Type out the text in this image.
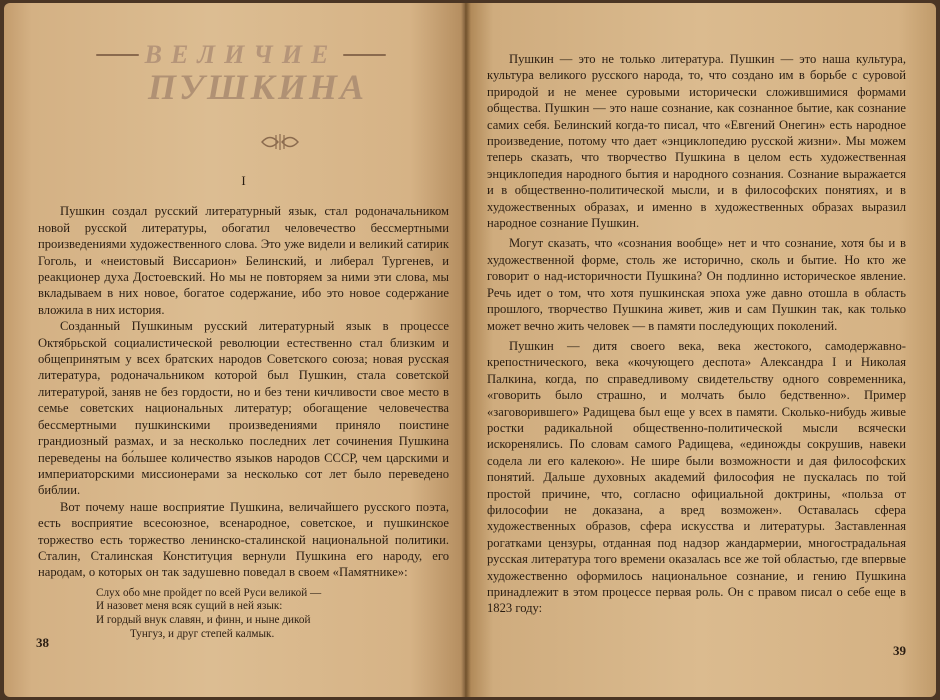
ВЕЛИЧИЕ
ПУШКИНА
I

Пушкин создал русский литературный язык, стал родоначальником новой русской литературы, обогатил человечество бессмертными произведениями художественного слова. Это уже видели и великий сатирик Гоголь, и «неистовый Виссарион» Белинский, и либерал Тургенев, и реакционер духа Достоевский. Но мы не повторяем за ними эти слова, мы вкладываем в них новое, богатое содержание, ибо это новое содержание вложила в них история.

Созданный Пушкиным русский литературный язык в процессе Октябрьской социалистической революции естественно стал близким и общепринятым у всех братских народов Советского союза; новая русская литература, родоначальником которой был Пушкин, стала советской литературой, заняв не без гордости, но и без тени кичливости свое место в семье советских национальных литератур; обогащение человечества бессмертными пушкинскими произведениями приняло поистине грандиозный размах, и за несколько последних лет сочинения Пушкина переведены на бо́льшее количество языков народов СССР, чем царскими и империаторскими миссионерами за несколько сот лет было переведено библии.

Вот почему наше восприятие Пушкина, величайшего русского поэта, есть восприятие всесоюзное, всенародное, советское, и пушкинское торжество есть торжество ленинско-сталинской национальной политики. Сталин, Сталинская Конституция вернули Пушкина его народу, его народам, о которых он так задушевно поведал в своем «Памятнике»:

Слух обо мне пройдет по всей Руси великой —
И назовет меня всяк сущий в ней язык:
И гордый внук славян, и финн, и ныне дикой
Тунгуз, и друг степей калмык.
38

Пушкин — это не только литература. Пушкин — это наша культура, культура великого русского народа, то, что создано им в борьбе с суровой природой и не менее суровыми исторически сложившимися формами общества. Пушкин — это наше сознание, как сознанное бытие, как сознание самих себя. Белинский когда-то писал, что «Евгений Онегин» есть народное произведение, потому что дает «энциклопедию русской жизни». Мы можем теперь сказать, что творчество Пушкина в целом есть художественная энциклопедия народного бытия и народного сознания. Сознание выражается и в общественно-политической мысли, и в философских понятиях, и в художественных образах, и именно в художественных образах выразил народное сознание Пушкин.

Могут сказать, что «сознания вообще» нет и что сознание, хотя бы и в художественной форме, столь же исторично, сколь и бытие. Но кто же говорит о над-историчности Пушкина? Он подлинно историческое явление. Речь идет о том, что хотя пушкинская эпоха уже давно отошла в область прошлого, творчество Пушкина живет, жив и сам Пушкин так, как только может вечно жить человек — в памяти последующих поколений.

Пушкин — дитя своего века, века жестокого, самодержавно-крепостнического, века «кочующего деспота» Александра I и Николая Палкина, когда, по справедливому свидетельству одного современника, «говорить было страшно, и молчать было бедственно». Пример «заговорившего» Радищева был еще у всех в памяти. Сколько-нибудь живые ростки радикальной общественно-политической мысли всячески искоренялись. По словам самого Радищева, «единожды сокрушив, навеки содела ли его калекою». Не шире были возможности и дая философских понятий. Дальше духовных академий философия не пускалась по той простой причине, что, согласно официальной доктрины, «польза от философии не доказана, а вред возможен». Оставалась сфера художественных образов, сфера искусства и литературы. Заставленная рогатками цензуры, отданная под надзор жандармерии, многострадальная русская литература того времени оказалась все же той областью, где впервые художественно оформилось национальное сознание, и гению Пушкина принадлежит в этом процессе первая роль. Он с правом писал о себе еще в 1823 году:

39
